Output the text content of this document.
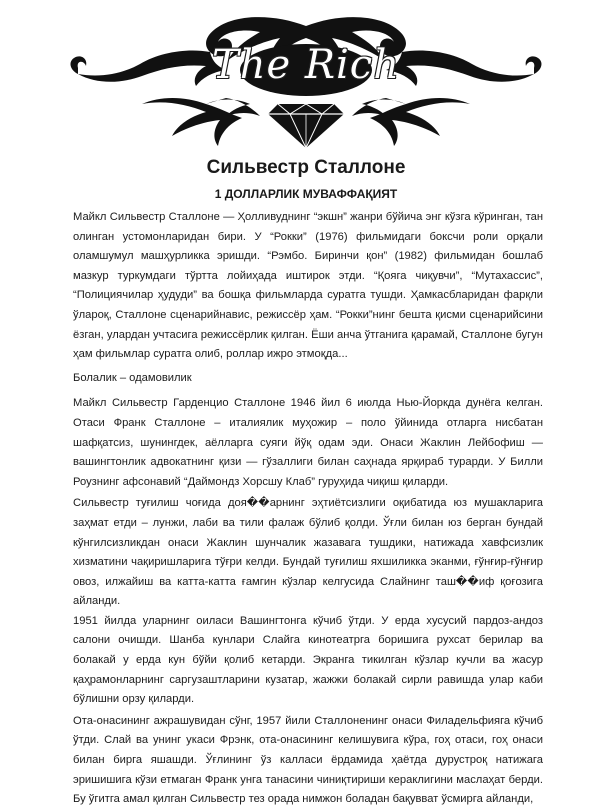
The Rich
Сильвестр Сталлоне
1 ДОЛЛАРЛИК МУВАФФАҚИЯТ

Майкл Сильвестр Сталлоне — Ҳолливуднинг “экшн” жанри бўйича энг кўзга кўринган, тан олинган устомонларидан бири. У “Рокки” (1976) фильмидаги боксчи роли орқали оламшумул машҳурликка эришди. “Рэмбо. Биринчи қон” (1982) фильмидан бошлаб мазкур туркумдаги тўртта лойиҳада иштирок этди. “Қояга чиқувчи”, “Мутахассис”, “Полициячилар ҳудуди” ва бошқа фильмларда суратга тушди. Ҳамкасбларидан фарқли ўлароқ, Сталлоне сценарийнавис, режиссёр ҳам. “Рокки”нинг бешта қисми сценарийсини ёзган, улардан учтасига режиссёрлик қилган. Ёши анча ўтганига қарамай, Сталлоне бугун ҳам фильмлар суратга олиб, роллар ижро этмоқда...

Болалик – одамовилик

Майкл Сильвестр Гарденцио Сталлоне 1946 йил 6 июлда Нью-Йоркда дунёга келган. Отаси Франк Сталлоне – италиялик муҳожир – поло ўйинида отларга нисбатан шафқатсиз, шунингдек, аёлларга суяги йўқ одам эди. Онаси Жаклин Лейбофиш — вашингтонлик адвокатнинг қизи — гўзаллиги билан саҳнада ярқираб турарди. У Билли Роузнинг афсонавий “Даймондз Хорсшу Клаб” гуруҳида чиқиш қиларди.

Сильвестр туғилиш чоғида доя��арнинг эҳтиётсизлиги оқибатида юз мушакларига заҳмат етди – лунжи, лаби ва тили фалаж бўлиб қолди. Ўғли билан юз берган бундай кўнгилсизликдан онаси Жаклин шунчалик жазавага тушдики, натижада хавфсизлик хизматини чақиришларига тўғри келди. Бундай туғилиш яхшиликка эканми, ғўнғир-ғўнғир овоз, илжайиш ва катта-катта ғамгин кўзлар келгусида Слайнинг таш��иф қоғозига айланди.

1951 йилда уларнинг оиласи Вашингтонга кўчиб ўтди. У ерда хусусий пардоз-андоз салони очишди. Шанба кунлари Слайга кинотеатрга боришига рухсат берилар ва болакай у ерда кун бўйи қолиб кетарди. Экранга тикилган кўзлар кучли ва жасур қаҳрамонларнинг саргузаштларини кузатар, жажжи болакай сирли равишда улар каби бўлишни орзу қиларди.

Ота-онасининг ажрашувидан сўнг, 1957 йили Сталлоненинг онаси Филадельфияга кўчиб ўтди. Слай ва унинг укаси Фрэнк, ота-онасининг келишувига кўра, гоҳ отаси, гоҳ онаси билан бирга яшашди. Ўғлининг ўз калласи ёрдамида ҳаётда дурустроқ натижага эришишига кўзи етмаган Франк унга танасини чиниқтириши кераклигини маслаҳат берди. Бу ўгитга амал қилган Сильвестр тез орада нимжон боладан бақувват ўсмирга айланди,
